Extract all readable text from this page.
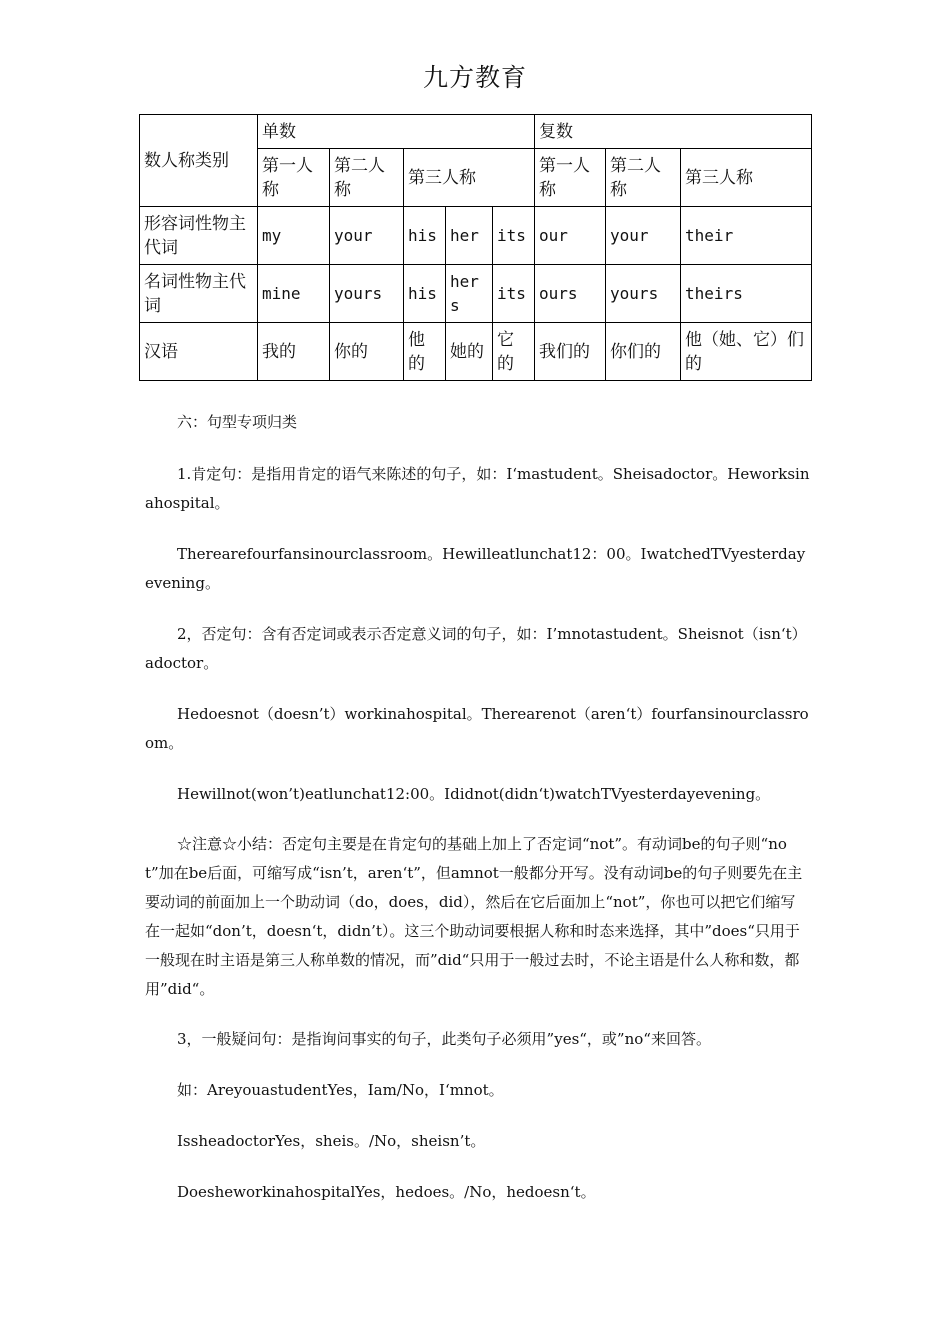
九方教育
数人称类别	单数					复数		
	第一人称	第二人称	第三人称			第一人称	第二人称	第三人称
形容词性物主代词	my	your	his	her	its	our	your	their
名词性物主代词	mine	yours	his	hers	its	ours	yours	theirs
汉语	我的	你的	他的	她的	它的	我们的	你们的	他（她、它）们的

六：句型专项归类

1.肯定句：是指用肯定的语气来陈述的句子，如：I‘mastudent。Sheisadoctor。Heworksinahospital。

Therearefourfansinourclassroom。Hewilleatlunchat12：00。IwatchedTVyesterdayevening。

2，否定句：含有否定词或表示否定意义词的句子，如：I’mnotastudent。Sheisnot（isn‘t）adoctor。

Hedoesnot（doesn’t）workinahospital。Therearenot（aren‘t）fourfansinourclassroom。

Hewillnot(won’t)eatlunchat12:00。Ididnot(didn‘t)watchTVyesterdayevening。

☆注意☆小结：否定句主要是在肯定句的基础上加上了否定词“not”。有动词be的句子则“not”加在be后面，可缩写成“isn’t，aren‘t”，但amnot一般都分开写。没有动词be的句子则要先在主要动词的前面加上一个助动词（do，does，did），然后在它后面加上“not”，你也可以把它们缩写在一起如“don’t，doesn‘t，didn’t）。这三个助动词要根据人称和时态来选择，其中”does“只用于一般现在时主语是第三人称单数的情况，而”did“只用于一般过去时，不论主语是什么人称和数，都用”did“。

3，一般疑问句：是指询问事实的句子，此类句子必须用”yes“，或”no“来回答。

如：AreyouastudentYes，Iam/No，I‘mnot。

IssheadoctorYes，sheis。/No，sheisn’t。

DoesheworkinahospitalYes，hedoes。/No，hedoesn‘t。
